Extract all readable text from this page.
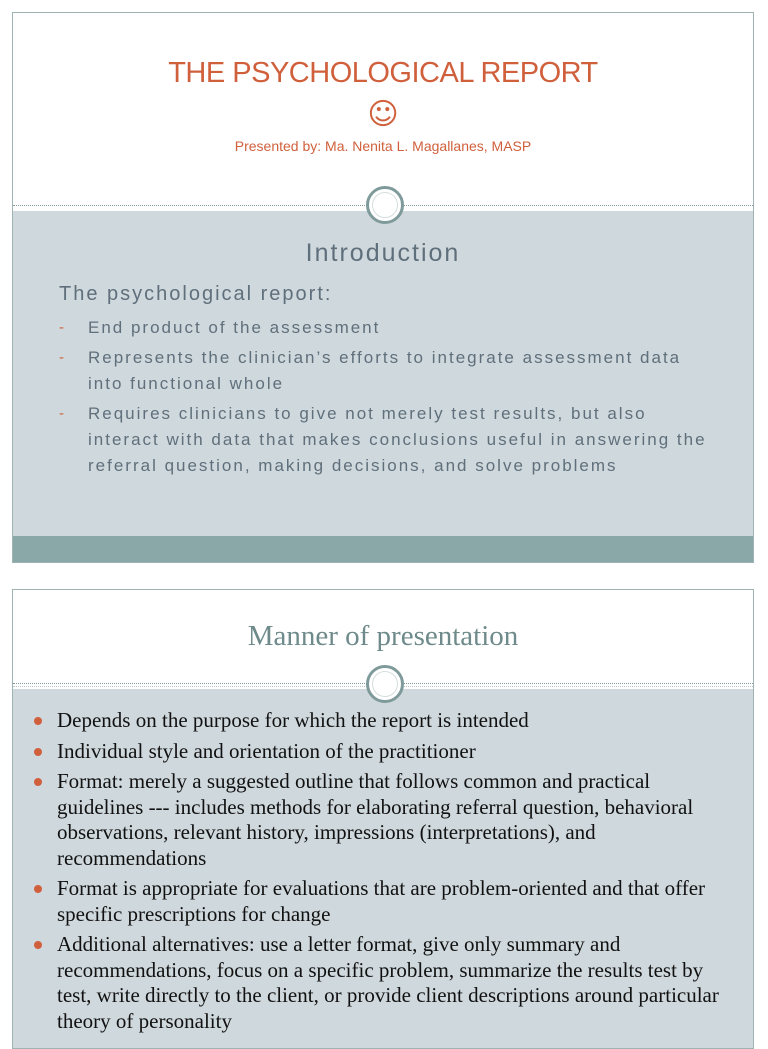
THE PSYCHOLOGICAL REPORT
☺
Presented by: Ma. Nenita L. Magallanes, MASP
Introduction
The psychological report:
- End product of the assessment
- Represents the clinician’s efforts to integrate assessment data into functional whole
- Requires clinicians to give not merely test results, but also interact with data that makes conclusions useful in answering the referral question, making decisions, and solve problems
Manner of presentation
Depends on the purpose for which the report is intended
Individual style and orientation of the practitioner
Format: merely a suggested outline that follows common and practical guidelines --- includes methods for elaborating referral question, behavioral observations, relevant history, impressions (interpretations), and recommendations
Format is appropriate for evaluations that are problem-oriented and that offer specific prescriptions for change
Additional alternatives: use a letter format, give only summary and recommendations, focus on a specific problem, summarize the results test by test, write directly to the client, or provide client descriptions around particular theory of personality
